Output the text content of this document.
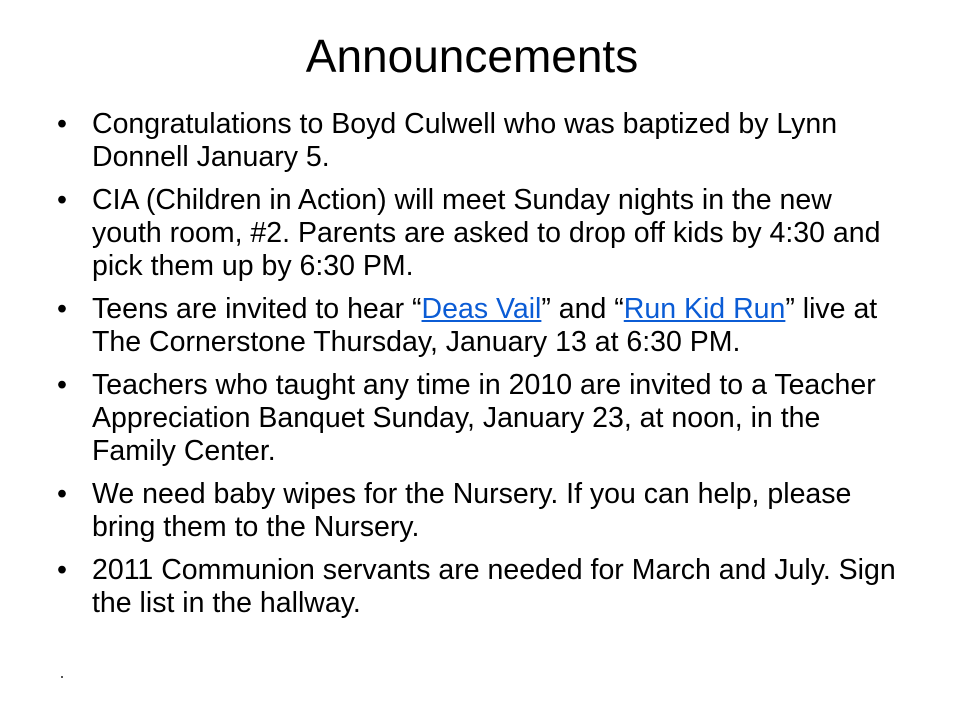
Announcements
• Congratulations to Boyd Culwell who was baptized by Lynn Donnell January 5.
• CIA (Children in Action) will meet Sunday nights in the new youth room, #2. Parents are asked to drop off kids by 4:30 and pick them up by 6:30 PM.
• Teens are invited to hear “Deas Vail” and “Run Kid Run” live at The Cornerstone Thursday, January 13 at 6:30 PM.
• Teachers who taught any time in 2010 are invited to a Teacher Appreciation Banquet Sunday, January 23, at noon, in the Family Center.
• We need baby wipes for the Nursery. If you can help, please bring them to the Nursery.
• 2011 Communion servants are needed for March and July. Sign the list in the hallway.
